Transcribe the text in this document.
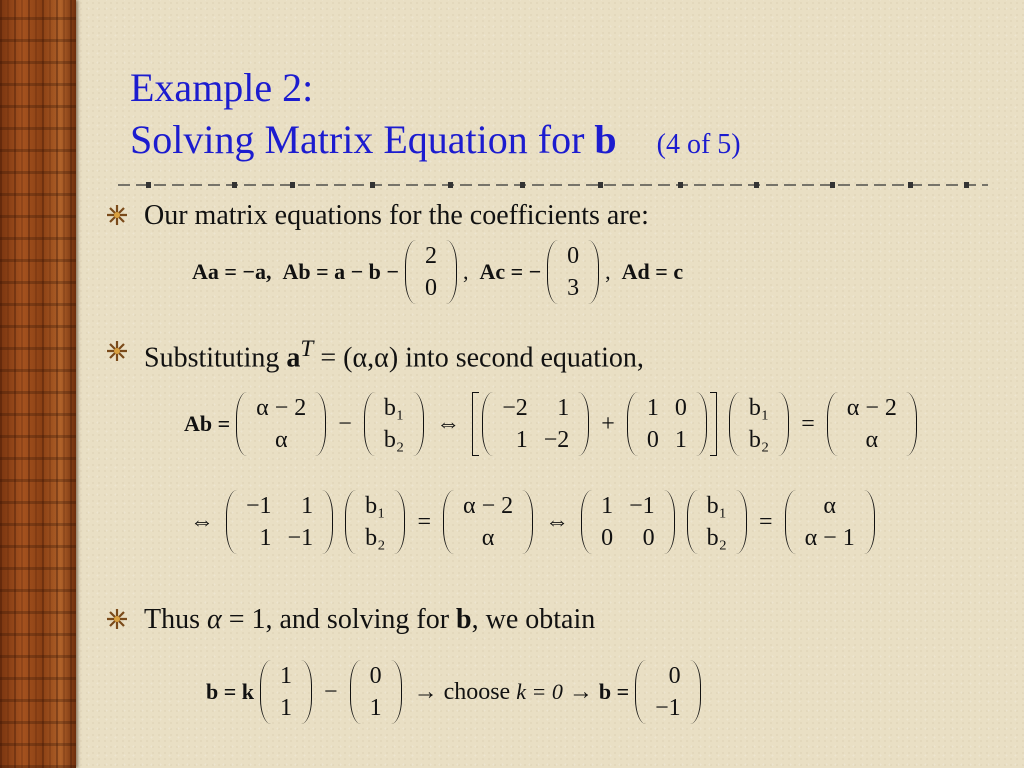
Example 2:
Solving Matrix Equation for b (4 of 5)
Our matrix equations for the coefficients are:
Aa = −a,
Ab = a − b −
2
0
,
Ac = −
0
3
,
Ad = c
Substituting $a^T = (\alpha,\alpha)$ into second equation,
Ab =
α − 2
α
−
b₁
b₂
⇔
−2	1
1	−2
+
1	0
0	1
b₁
b₂
=
α − 2
α
⇔
−1	1
1	−1
b₁
b₂
=
α − 2
α
⇔
1	−1
0	0
b₁
b₂
=
α
α − 1
Thus α = 1, and solving for b, we obtain
b = k
1
1
−
0
1
→ choose k = 0 → b =
0
−1
